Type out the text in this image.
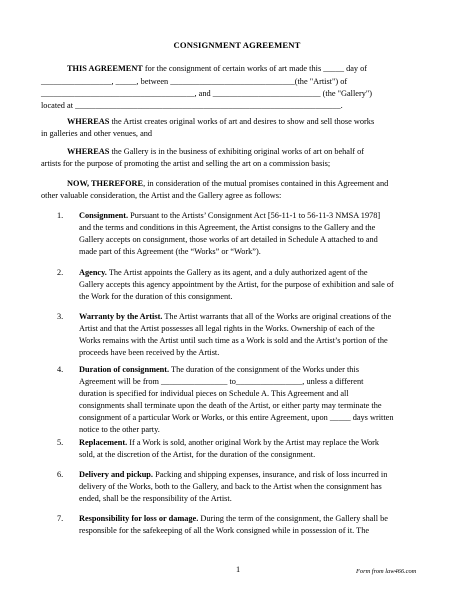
CONSIGNMENT AGREEMENT
THIS AGREEMENT for the consignment of certain works of art made this _____ day of
_________________, _____, between ______________________________(the "Artist") of
_____________________________________, and __________________________ (the "Gallery")
located at ________________________________________________________________.
WHEREAS the Artist creates original works of art and desires to show and sell those works
in galleries and other venues, and
WHEREAS the Gallery is in the business of exhibiting original works of art on behalf of
artists for the purpose of promoting the artist and selling the art on a commission basis;
NOW, THEREFORE, in consideration of the mutual promises contained in this Agreement and
other valuable consideration, the Artist and the Gallery agree as follows:
1. Consignment. Pursuant to the Artists’ Consignment Act [56-11-1 to 56-11-3 NMSA 1978]
and the terms and conditions in this Agreement, the Artist consigns to the Gallery and the
Gallery accepts on consignment, those works of art detailed in Schedule A attached to and
made part of this Agreement (the “Works” or “Work”).
2. Agency. The Artist appoints the Gallery as its agent, and a duly authorized agent of the
Gallery accepts this agency appointment by the Artist, for the purpose of exhibition and sale of
the Work for the duration of this consignment.
3. Warranty by the Artist. The Artist warrants that all of the Works are original creations of the
Artist and that the Artist possesses all legal rights in the Works. Ownership of each of the
Works remains with the Artist until such time as a Work is sold and the Artist’s portion of the
proceeds have been received by the Artist.
4. Duration of consignment. The duration of the consignment of the Works under this
Agreement will be from ________________ to________________, unless a different
duration is specified for individual pieces on Schedule A. This Agreement and all
consignments shall terminate upon the death of the Artist, or either party may terminate the
consignment of a particular Work or Works, or this entire Agreement, upon _____ days written
notice to the other party.
5. Replacement. If a Work is sold, another original Work by the Artist may replace the Work
sold, at the discretion of the Artist, for the duration of the consignment.
6. Delivery and pickup. Packing and shipping expenses, insurance, and risk of loss incurred in
delivery of the Works, both to the Gallery, and back to the Artist when the consignment has
ended, shall be the responsibility of the Artist.
7. Responsibility for loss or damage. During the term of the consignment, the Gallery shall be
responsible for the safekeeping of all the Work consigned while in possession of it. The
1	Form from law466.com
